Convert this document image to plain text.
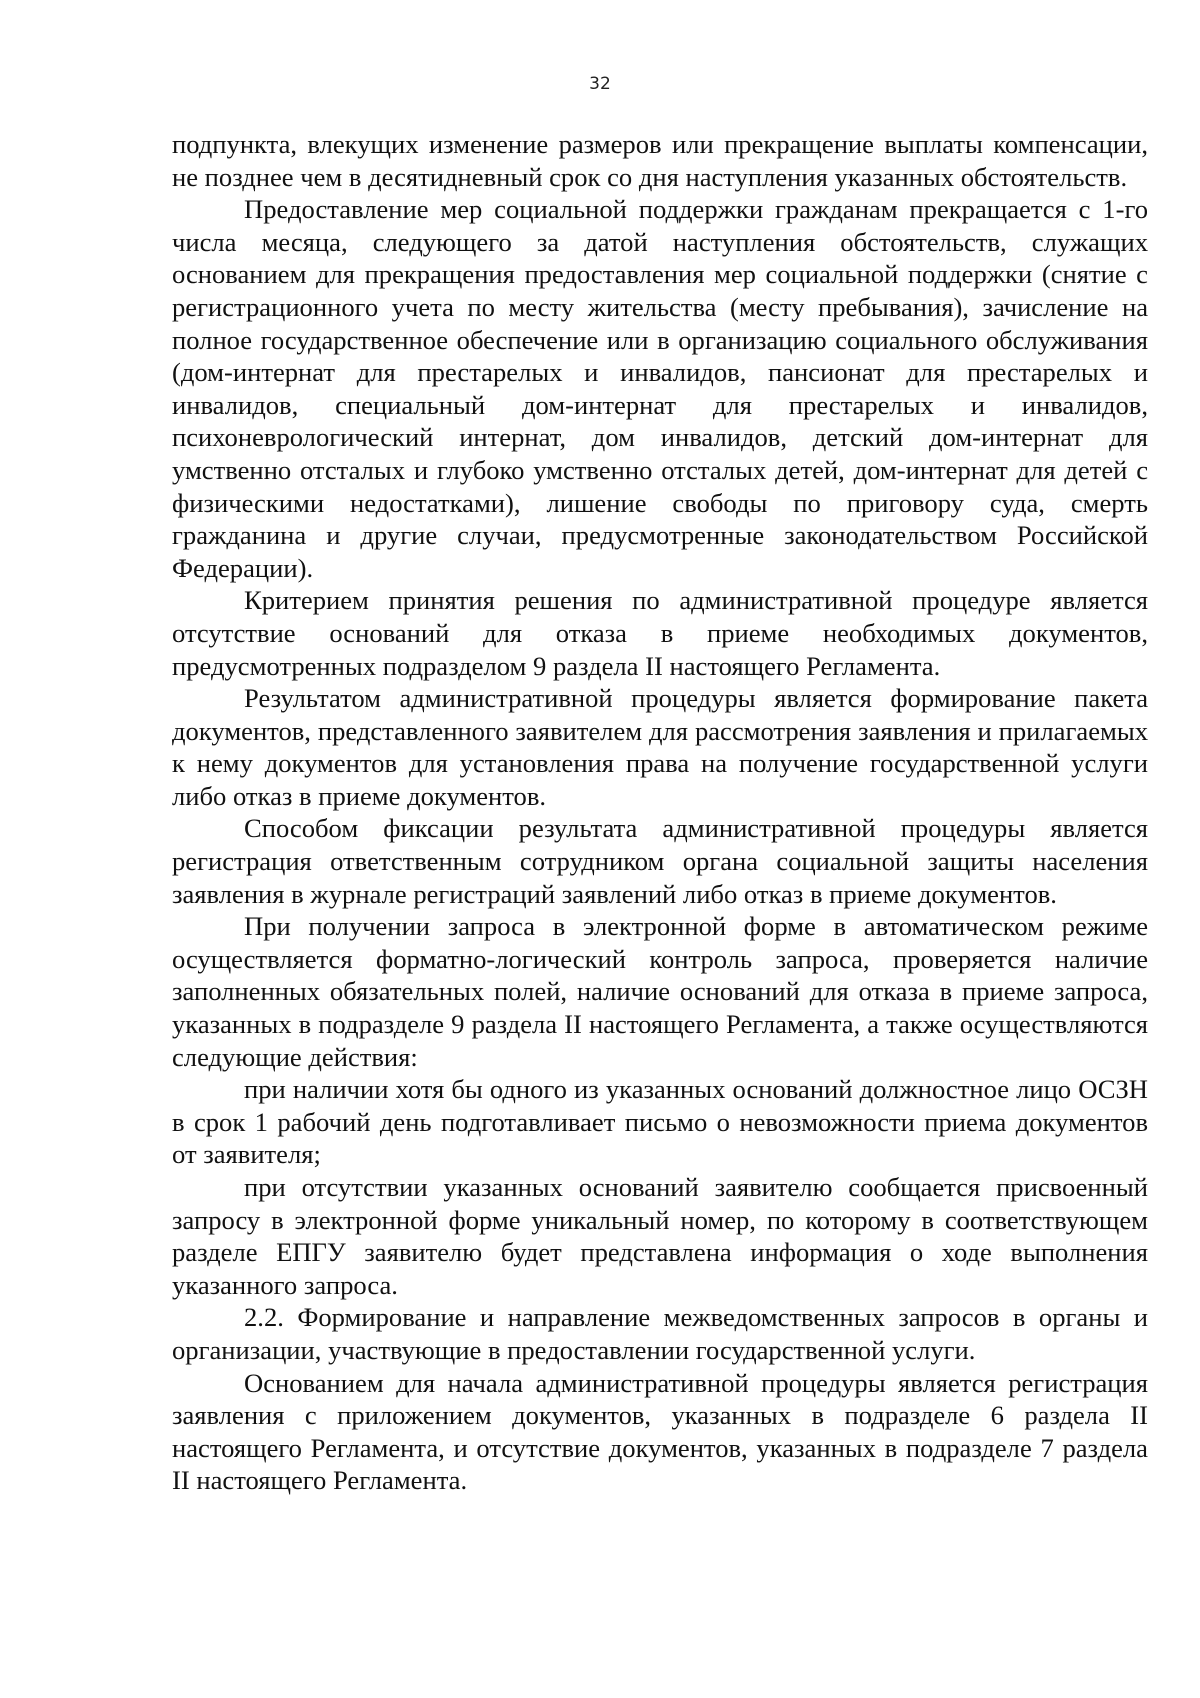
32

подпункта, влекущих изменение размеров или прекращение выплаты компенсации, не позднее чем в десятидневный срок со дня наступления указанных обстоятельств.

Предоставление мер социальной поддержки гражданам прекращается с 1-го числа месяца, следующего за датой наступления обстоятельств, служащих основанием для прекращения предоставления мер социальной поддержки (снятие с регистрационного учета по месту жительства (месту пребывания), зачисление на полное государственное обеспечение или в организацию социального обслуживания (дом-интернат для престарелых и инвалидов, пансионат для престарелых и инвалидов, специальный дом-интернат для престарелых и инвалидов, психоневрологический интернат, дом инвалидов, детский дом-интернат для умственно отсталых и глубоко умственно отсталых детей, дом-интернат для детей с физическими недостатками), лишение свободы по приговору суда, смерть гражданина и другие случаи, предусмотренные законодательством Российской Федерации).

Критерием принятия решения по административной процедуре является отсутствие оснований для отказа в приеме необходимых документов, предусмотренных подразделом 9 раздела II настоящего Регламента.

Результатом административной процедуры является формирование пакета документов, представленного заявителем для рассмотрения заявления и прилагаемых к нему документов для установления права на получение государственной услуги либо отказ в приеме документов.

Способом фиксации результата административной процедуры является регистрация ответственным сотрудником органа социальной защиты населения заявления в журнале регистраций заявлений либо отказ в приеме документов.

При получении запроса в электронной форме в автоматическом режиме осуществляется форматно-логический контроль запроса, проверяется наличие заполненных обязательных полей, наличие оснований для отказа в приеме запроса, указанных в подразделе 9 раздела II настоящего Регламента, а также осуществляются следующие действия:

при наличии хотя бы одного из указанных оснований должностное лицо ОСЗН в срок 1 рабочий день подготавливает письмо о невозможности приема документов от заявителя;

при отсутствии указанных оснований заявителю сообщается присвоенный запросу в электронной форме уникальный номер, по которому в соответствующем разделе ЕПГУ заявителю будет представлена информация о ходе выполнения указанного запроса.

2.2. Формирование и направление межведомственных запросов в органы и организации, участвующие в предоставлении государственной услуги.

Основанием для начала административной процедуры является регистрация заявления с приложением документов, указанных в подразделе 6 раздела II настоящего Регламента, и отсутствие документов, указанных в подразделе 7 раздела II настоящего Регламента.
